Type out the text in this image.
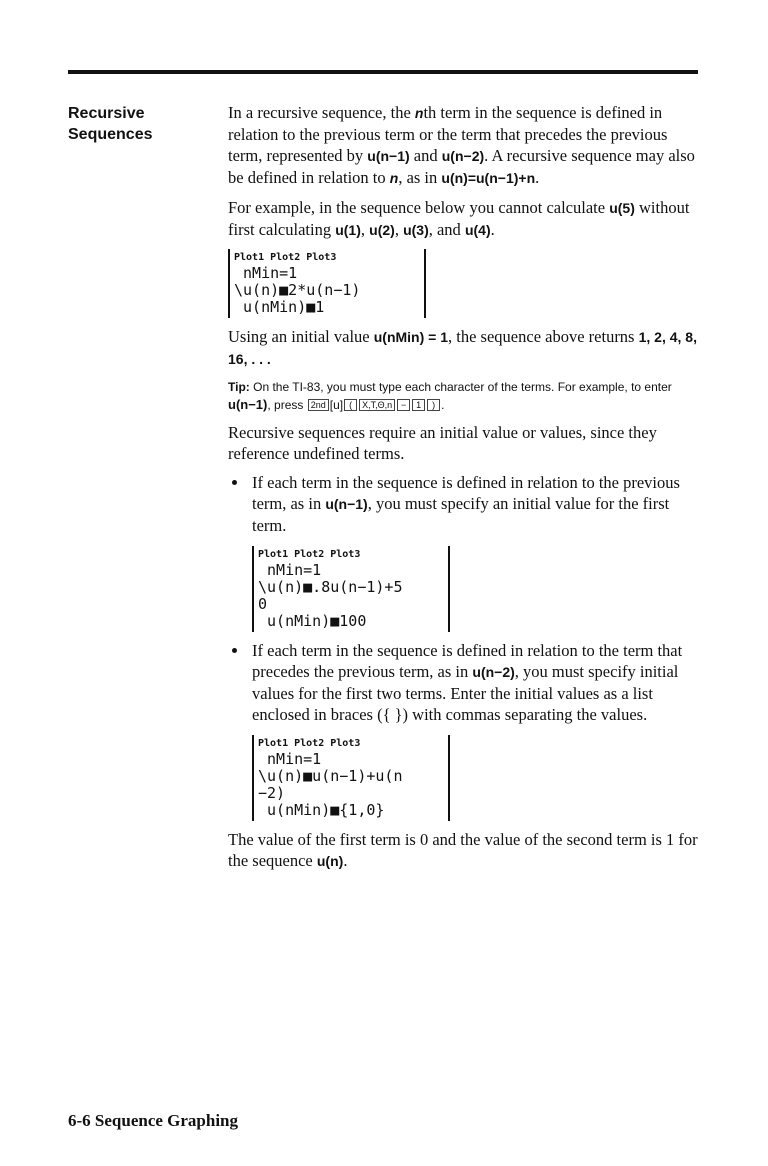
Recursive
Sequences

In a recursive sequence, the nth term in the sequence is defined in relation to the previous term or the term that precedes the previous term, represented by u(n−1) and u(n−2). A recursive sequence may also be defined in relation to n, as in u(n)=u(n−1)+n.

For example, in the sequence below you cannot calculate u(5) without first calculating u(1), u(2), u(3), and u(4).

Plot1 Plot2 Plot3
nMin=1
\u(n)■2*u(n−1)
u(nMin)■1

Using an initial value u(nMin) = 1, the sequence above returns 1, 2, 4, 8, 16, . . .

Tip: On the TI-83, you must type each character of the terms. For example, to enter u(n−1), press 2nd [u] ( X,T,Θ,n − 1 ) .

Recursive sequences require an initial value or values, since they reference undefined terms.

If each term in the sequence is defined in relation to the previous term, as in u(n−1), you must specify an initial value for the first term.
Plot1 Plot2 Plot3
nMin=1
\u(n)■.8u(n−1)+5
0
u(nMin)■100
If each term in the sequence is defined in relation to the term that precedes the previous term, as in u(n−2), you must specify initial values for the first two terms. Enter the initial values as a list enclosed in braces ({ }) with commas separating the values.
Plot1 Plot2 Plot3
nMin=1
\u(n)■u(n−1)+u(n
−2)
u(nMin)■{1,0}

The value of the first term is 0 and the value of the second term is 1 for the sequence u(n).

6-6 Sequence Graphing
